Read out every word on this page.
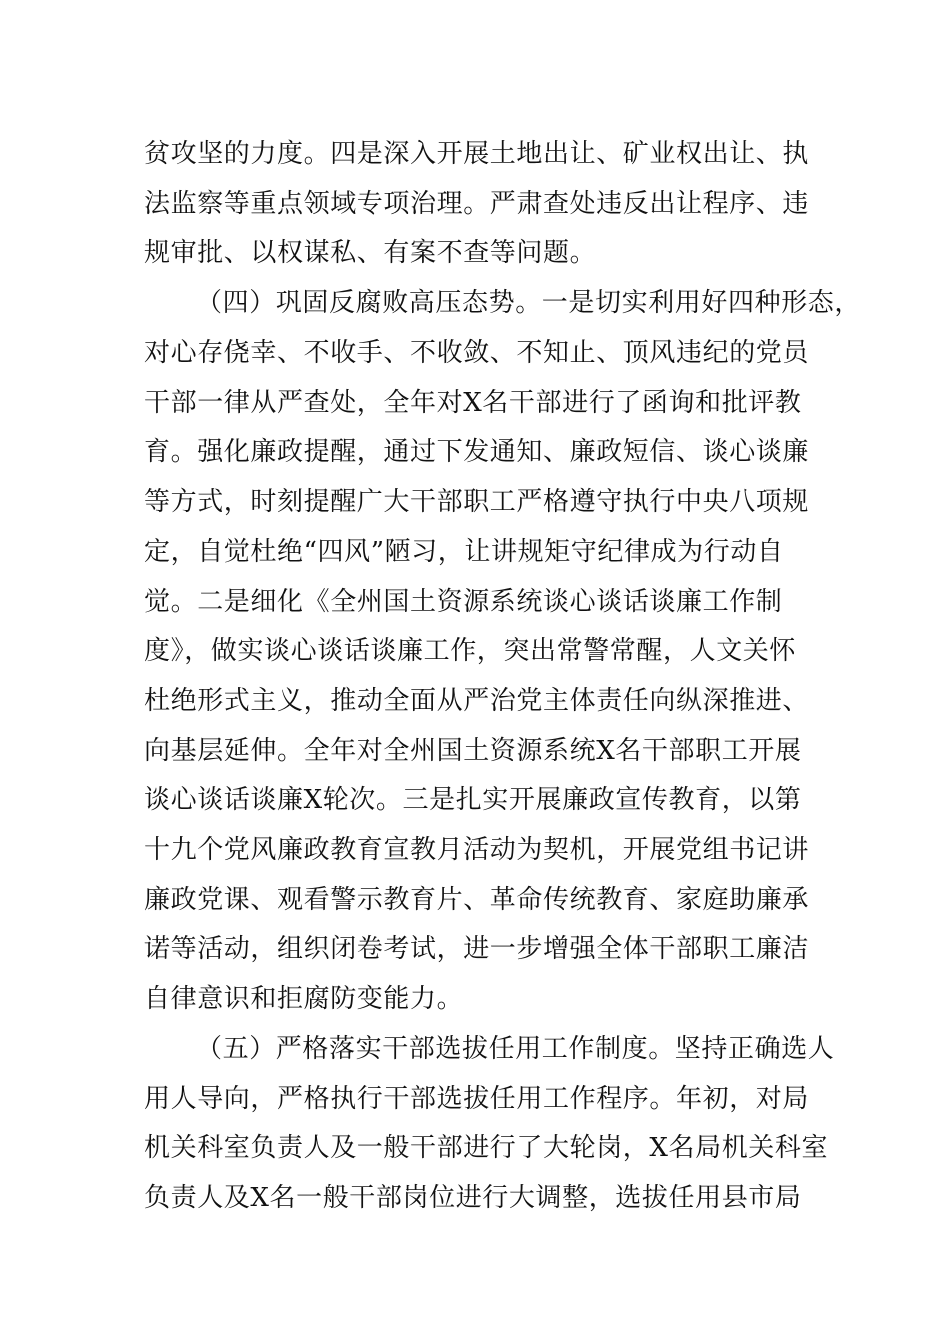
贫攻坚的力度。四是深入开展土地出让、矿业权出让、执
法监察等重点领域专项治理。严肃查处违反出让程序、违
规审批、以权谋私、有案不查等问题。
（四）巩固反腐败高压态势。一是切实利用好四种形态，
对心存侥幸、不收手、不收敛、不知止、顶风违纪的党员
干部一律从严查处，全年对X名干部进行了函询和批评教
育。强化廉政提醒，通过下发通知、廉政短信、谈心谈廉
等方式，时刻提醒广大干部职工严格遵守执行中央八项规
定，自觉杜绝“四风”陋习，让讲规矩守纪律成为行动自
觉。二是细化《全州国土资源系统谈心谈话谈廉工作制
度》，做实谈心谈话谈廉工作，突出常警常醒，人文关怀
杜绝形式主义，推动全面从严治党主体责任向纵深推进、
向基层延伸。全年对全州国土资源系统X名干部职工开展
谈心谈话谈廉X轮次。三是扎实开展廉政宣传教育，以第
十九个党风廉政教育宣教月活动为契机，开展党组书记讲
廉政党课、观看警示教育片、革命传统教育、家庭助廉承
诺等活动，组织闭卷考试，进一步增强全体干部职工廉洁
自律意识和拒腐防变能力。
（五）严格落实干部选拔任用工作制度。坚持正确选人
用人导向，严格执行干部选拔任用工作程序。年初，对局
机关科室负责人及一般干部进行了大轮岗，X名局机关科室
负责人及X名一般干部岗位进行大调整，选拔任用县市局
